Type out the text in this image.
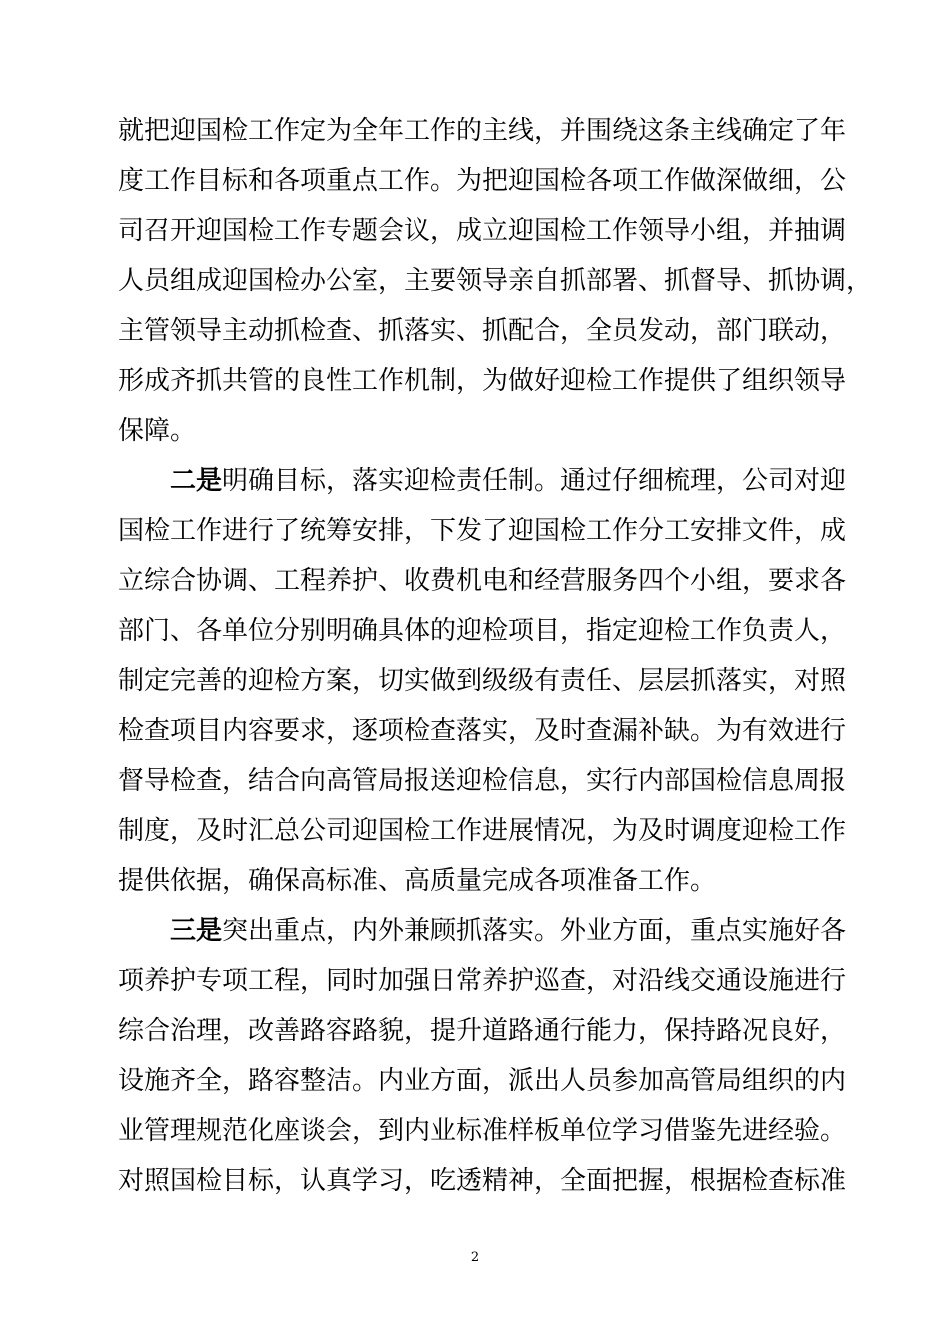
就把迎国检工作定为全年工作的主线，并围绕这条主线确定了年
度工作目标和各项重点工作。为把迎国检各项工作做深做细，公
司召开迎国检工作专题会议，成立迎国检工作领导小组，并抽调
人员组成迎国检办公室，主要领导亲自抓部署、抓督导、抓协调，
主管领导主动抓检查、抓落实、抓配合，全员发动，部门联动，
形成齐抓共管的良性工作机制，为做好迎检工作提供了组织领导
保障。
二是明确目标，落实迎检责任制。通过仔细梳理，公司对迎
国检工作进行了统筹安排，下发了迎国检工作分工安排文件，成
立综合协调、工程养护、收费机电和经营服务四个小组，要求各
部门、各单位分别明确具体的迎检项目，指定迎检工作负责人，
制定完善的迎检方案，切实做到级级有责任、层层抓落实，对照
检查项目内容要求，逐项检查落实，及时查漏补缺。为有效进行
督导检查，结合向高管局报送迎检信息，实行内部国检信息周报
制度，及时汇总公司迎国检工作进展情况，为及时调度迎检工作
提供依据，确保高标准、高质量完成各项准备工作。
三是突出重点，内外兼顾抓落实。外业方面，重点实施好各
项养护专项工程，同时加强日常养护巡查，对沿线交通设施进行
综合治理，改善路容路貌，提升道路通行能力，保持路况良好，
设施齐全，路容整洁。内业方面，派出人员参加高管局组织的内
业管理规范化座谈会，到内业标准样板单位学习借鉴先进经验。
对照国检目标，认真学习，吃透精神，全面把握，根据检查标准
2
